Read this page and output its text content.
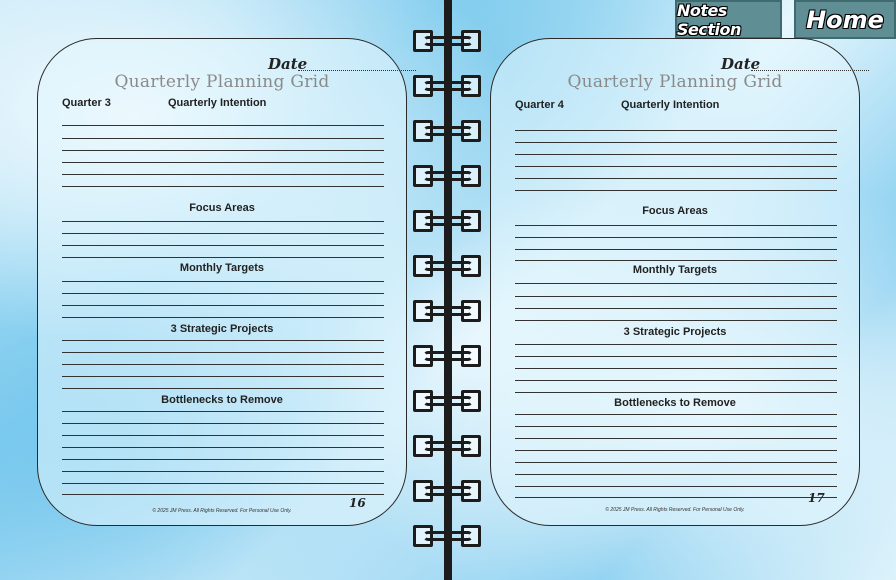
Notes Section	Home
Date
Quarterly Planning Grid
Quarter 3	Quarterly Intention
Focus Areas
Monthly Targets
3 Strategic Projects
Bottlenecks to Remove
© 2025 JM Press. All Rights Reserved. For Personal Use Only.
16
Date
Quarterly Planning Grid
Quarter 4	Quarterly Intention
Focus Areas
Monthly Targets
3 Strategic Projects
Bottlenecks to Remove
© 2025 JM Press. All Rights Reserved. For Personal Use Only.
17
